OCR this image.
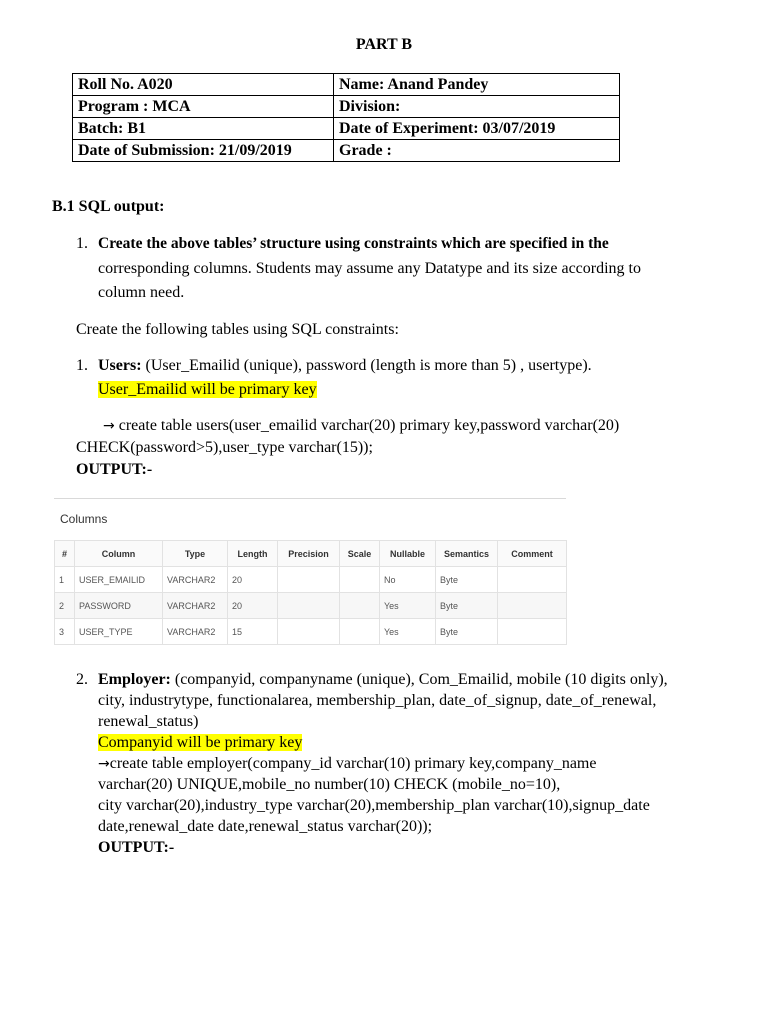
PART B
Roll No. A020	Name: Anand Pandey
Program : MCA	Division:
Batch: B1	Date of Experiment: 03/07/2019
Date of Submission: 21/09/2019	Grade :
B.1 SQL output:
1. Create the above tables’ structure using constraints which are specified in the
corresponding columns. Students may assume any Datatype and its size according to
column need.
Create the following tables using SQL constraints:
1. Users: (User_Emailid (unique), password (length is more than 5) , usertype).
User_Emailid will be primary key
→ create table users(user_emailid varchar(20) primary key,password varchar(20)
CHECK(password>5),user_type varchar(15));
OUTPUT:-
Columns
#	Column	Type	Length	Precision	Scale	Nullable	Semantics	Comment
1	USER_EMAILID	VARCHAR2	20			No	Byte	
2	PASSWORD	VARCHAR2	20			Yes	Byte	
3	USER_TYPE	VARCHAR2	15			Yes	Byte	
2. Employer: (companyid, companyname (unique), Com_Emailid, mobile (10 digits only),
city, industrytype, functionalarea, membership_plan, date_of_signup, date_of_renewal,
renewal_status)
Companyid will be primary key
→create table employer(company_id varchar(10) primary key,company_name
varchar(20) UNIQUE,mobile_no number(10) CHECK (mobile_no=10),
city varchar(20),industry_type varchar(20),membership_plan varchar(10),signup_date
date,renewal_date date,renewal_status varchar(20));
OUTPUT:-
